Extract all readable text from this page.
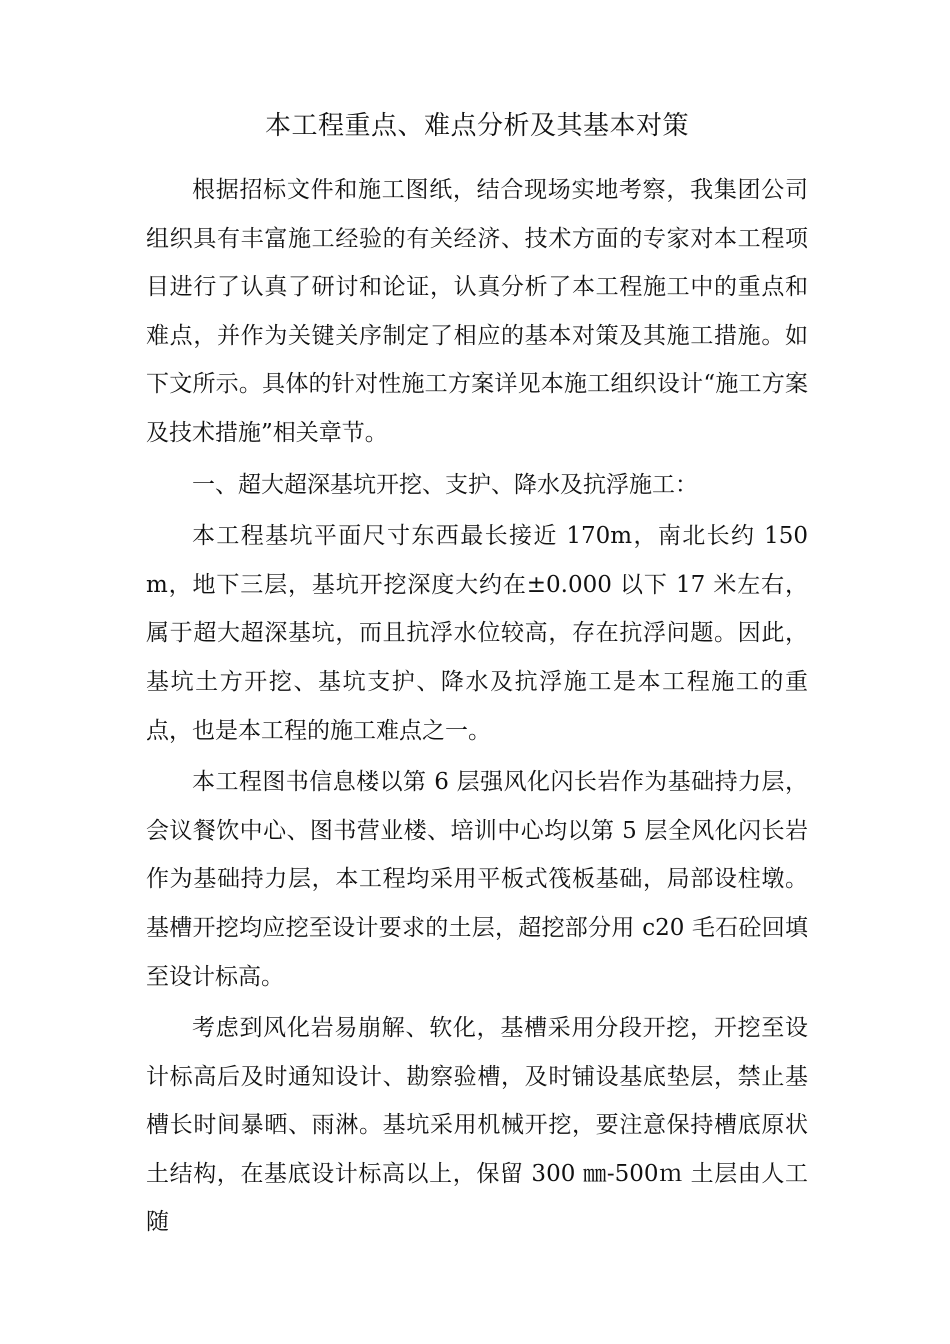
本工程重点、难点分析及其基本对策

根据招标文件和施工图纸，结合现场实地考察，我集团公司组织具有丰富施工经验的有关经济、技术方面的专家对本工程项目进行了认真了研讨和论证，认真分析了本工程施工中的重点和难点，并作为关键关序制定了相应的基本对策及其施工措施。如下文所示。具体的针对性施工方案详见本施工组织设计“施工方案及技术措施”相关章节。

一、超大超深基坑开挖、支护、降水及抗浮施工：

本工程基坑平面尺寸东西最长接近 170m，南北长约 150m，地下三层，基坑开挖深度大约在±0.000 以下 17 米左右，属于超大超深基坑，而且抗浮水位较高，存在抗浮问题。因此，基坑土方开挖、基坑支护、降水及抗浮施工是本工程施工的重点，也是本工程的施工难点之一。

本工程图书信息楼以第 6 层强风化闪长岩作为基础持力层，会议餐饮中心、图书营业楼、培训中心均以第 5 层全风化闪长岩作为基础持力层，本工程均采用平板式筏板基础，局部设柱墩。基槽开挖均应挖至设计要求的土层，超挖部分用 c20 毛石砼回填至设计标高。

考虑到风化岩易崩解、软化，基槽采用分段开挖，开挖至设计标高后及时通知设计、勘察验槽，及时铺设基底垫层，禁止基槽长时间暴晒、雨淋。基坑采用机械开挖，要注意保持槽底原状土结构，在基底设计标高以上，保留 300 ㎜-500ｍ 土层由人工随
